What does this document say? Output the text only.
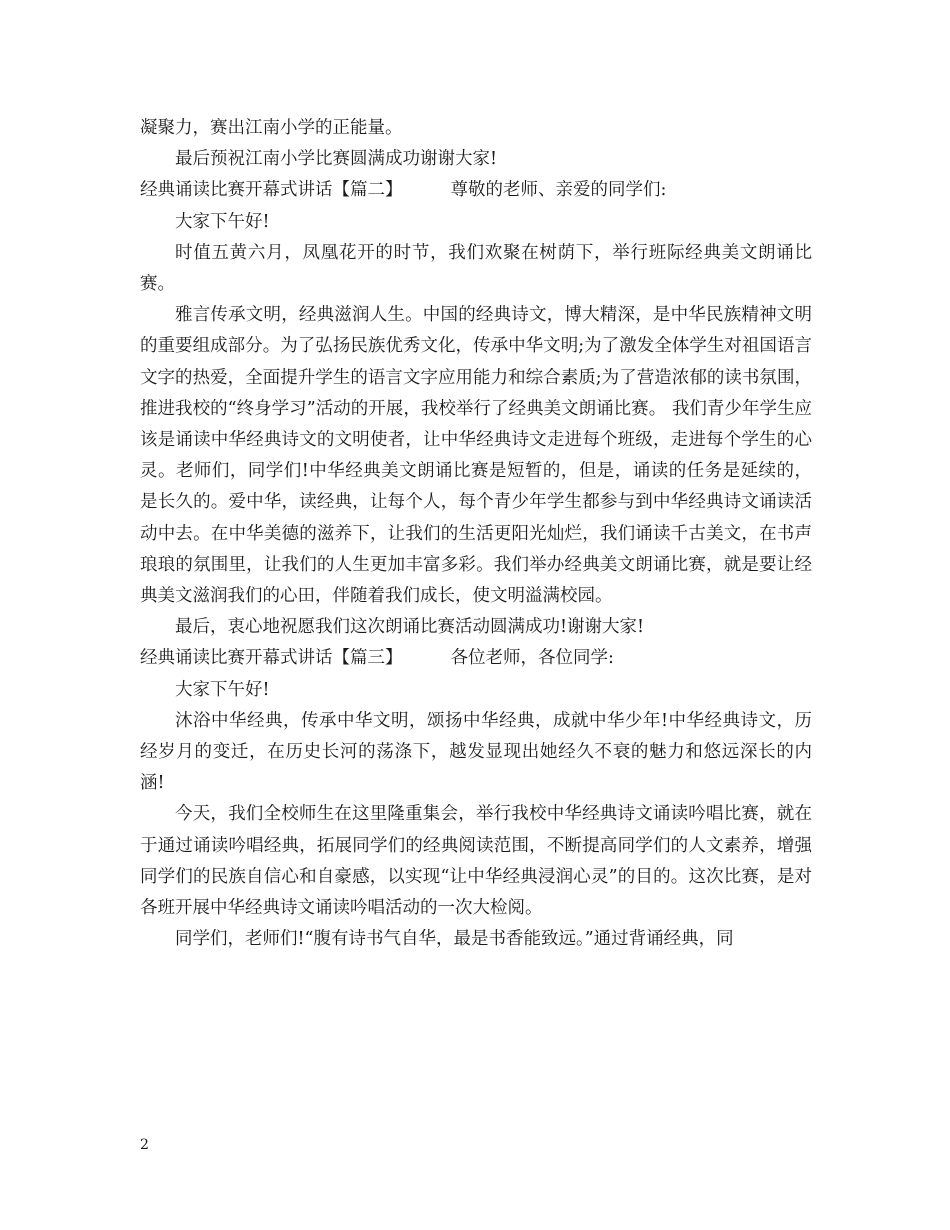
凝聚力，赛出江南小学的正能量。

最后预祝江南小学比赛圆满成功谢谢大家!

经典诵读比赛开幕式讲话【篇二】	尊敬的老师、亲爱的同学们:

大家下午好!

时值五黄六月，凤凰花开的时节，我们欢聚在树荫下，举行班际经典美文朗诵比赛。

雅言传承文明，经典滋润人生。中国的经典诗文，博大精深，是中华民族精神文明的重要组成部分。为了弘扬民族优秀文化，传承中华文明;为了激发全体学生对祖国语言文字的热爱，全面提升学生的语言文字应用能力和综合素质;为了营造浓郁的读书氛围，推进我校的“终身学习”活动的开展，我校举行了经典美文朗诵比赛。 我们青少年学生应该是诵读中华经典诗文的文明使者，让中华经典诗文走进每个班级，走进每个学生的心灵。老师们，同学们!中华经典美文朗诵比赛是短暂的，但是，诵读的任务是延续的，是长久的。爱中华，读经典，让每个人，每个青少年学生都参与到中华经典诗文诵读活动中去。在中华美德的滋养下，让我们的生活更阳光灿烂，我们诵读千古美文，在书声琅琅的氛围里，让我们的人生更加丰富多彩。我们举办经典美文朗诵比赛，就是要让经典美文滋润我们的心田，伴随着我们成长，使文明溢满校园。

最后，衷心地祝愿我们这次朗诵比赛活动圆满成功!谢谢大家!

经典诵读比赛开幕式讲话【篇三】	各位老师，各位同学:

大家下午好!

沐浴中华经典，传承中华文明，颂扬中华经典，成就中华少年!中华经典诗文，历经岁月的变迁，在历史长河的荡涤下，越发显现出她经久不衰的魅力和悠远深长的内涵!

今天，我们全校师生在这里隆重集会，举行我校中华经典诗文诵读吟唱比赛，就在于通过诵读吟唱经典，拓展同学们的经典阅读范围，不断提高同学们的人文素养，增强同学们的民族自信心和自豪感，以实现“让中华经典浸润心灵”的目的。这次比赛，是对各班开展中华经典诗文诵读吟唱活动的一次大检阅。

同学们，老师们!“腹有诗书气自华，最是书香能致远。”通过背诵经典，同

2
